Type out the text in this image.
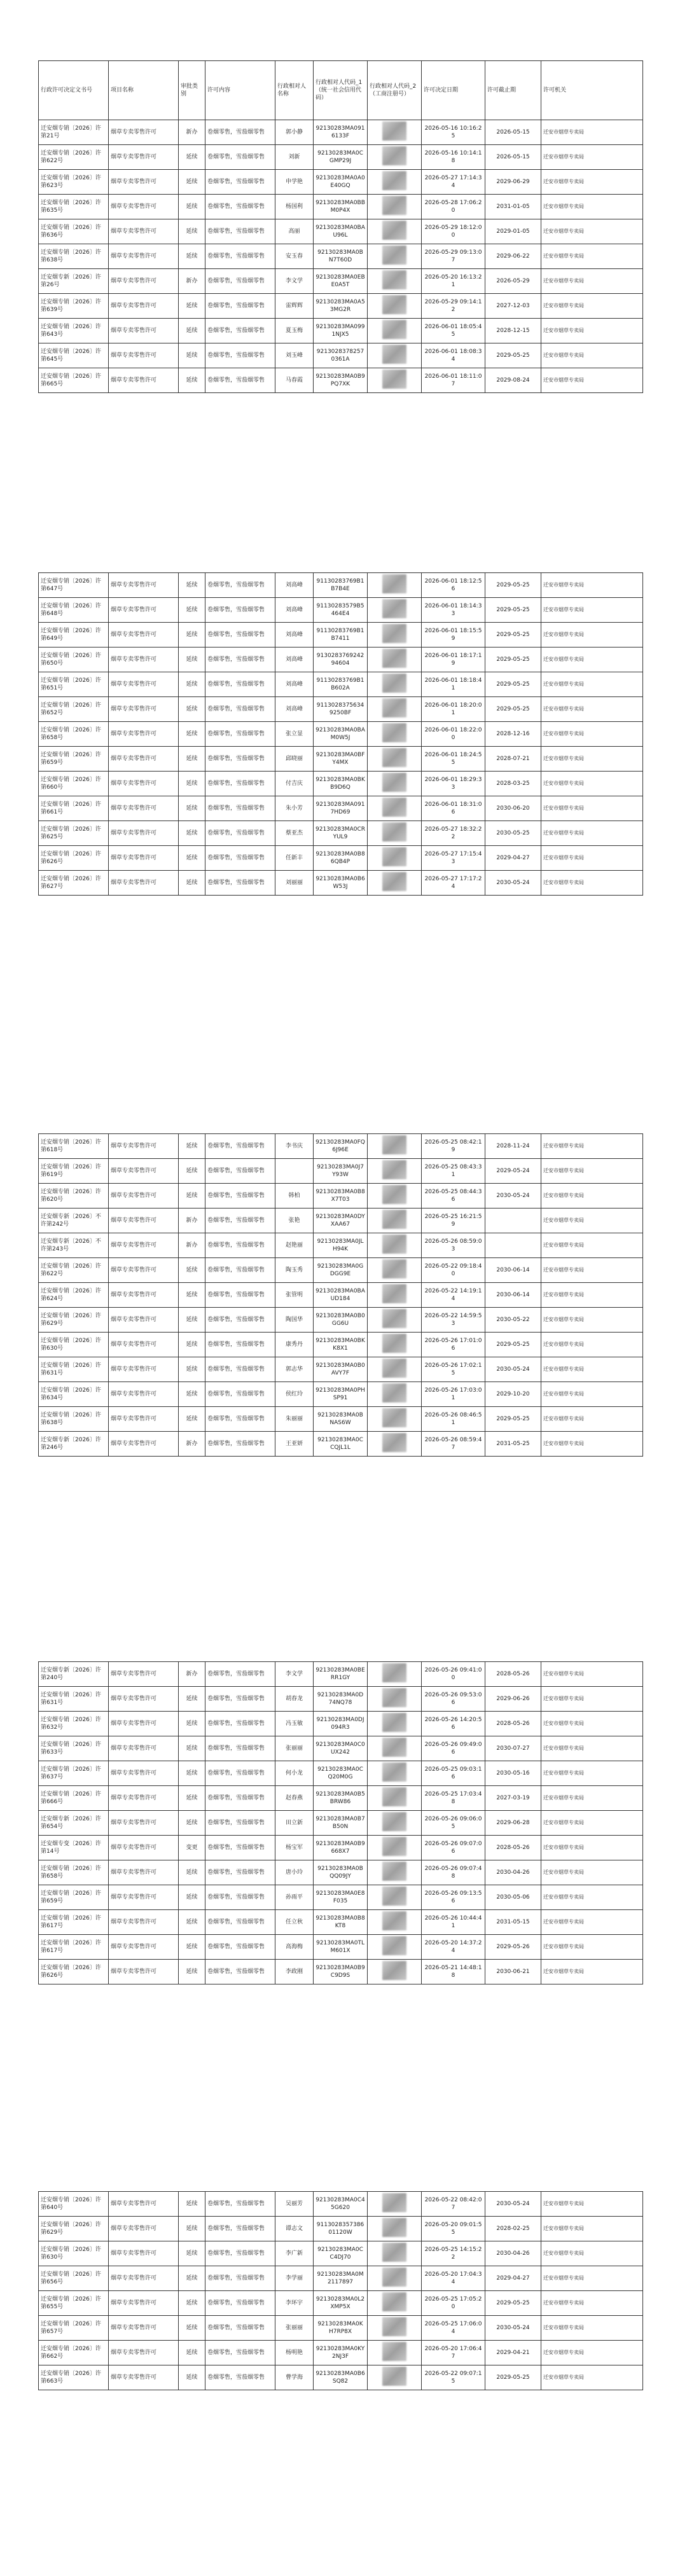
行政许可决定文书号	项目名称	审批类别	许可内容	行政相对人名称	行政相对人代码_1（统一社会信用代码）	行政相对人代码_2（工商注册号）	许可决定日期	许可截止期	许可机关
迁安烟专销〔2026〕许第21号	烟草专卖零售许可	新办	卷烟零售，雪茄烟零售	郭小静	92130283MA0916133F		2026-05-16 10:16:25	2026-05-15	迁安市烟草专卖局
迁安烟专销〔2026〕许第622号	烟草专卖零售许可	延续	卷烟零售，雪茄烟零售	刘新	92130283MA0CGMP29J		2026-05-16 10:14:18	2026-05-15	迁安市烟草专卖局
迁安烟专销〔2026〕许第623号	烟草专卖零售许可	延续	卷烟零售，雪茄烟零售	申学艳	92130283MA0A0E40GQ		2026-05-27 17:14:34	2029-06-29	迁安市烟草专卖局
迁安烟专销〔2026〕许第635号	烟草专卖零售许可	延续	卷烟零售，雪茄烟零售	杨国利	92130283MA0BBM0P4X		2026-05-28 17:06:20	2031-01-05	迁安市烟草专卖局
迁安烟专销〔2026〕许第636号	烟草专卖零售许可	延续	卷烟零售，雪茄烟零售	高丽	92130283MA0BAU96L		2026-05-29 18:12:00	2029-01-05	迁安市烟草专卖局
迁安烟专销〔2026〕许第638号	烟草专卖零售许可	延续	卷烟零售，雪茄烟零售	安玉春	92130283MA0BN7T60D		2026-05-29 09:13:07	2029-06-22	迁安市烟草专卖局
迁安烟专新〔2026〕许第26号	烟草专卖零售许可	新办	卷烟零售，雪茄烟零售	李文学	92130283MA0EBE0A5T		2026-05-20 16:13:21	2026-05-29	迁安市烟草专卖局
迁安烟专销〔2026〕许第639号	烟草专卖零售许可	延续	卷烟零售，雪茄烟零售	雷辉辉	92130283MA0A53MG2R		2026-05-29 09:14:12	2027-12-03	迁安市烟草专卖局
迁安烟专销〔2026〕许第643号	烟草专卖零售许可	延续	卷烟零售，雪茄烟零售	夏玉梅	92130283MA0991NJX5		2026-06-01 18:05:45	2028-12-15	迁安市烟草专卖局
迁安烟专销〔2026〕许第645号	烟草专卖零售许可	延续	卷烟零售，雪茄烟零售	刘玉峰	92130283782570361A		2026-06-01 18:08:34	2029-05-25	迁安市烟草专卖局
迁安烟专销〔2026〕许第665号	烟草专卖零售许可	延续	卷烟零售，雪茄烟零售	马春霞	92130283MA0B9PQ7XK		2026-06-01 18:11:07	2029-08-24	迁安市烟草专卖局
迁安烟专销〔2026〕许第647号	烟草专卖零售许可	延续	卷烟零售，雪茄烟零售	刘高峰	91130283769B1B7B4E		2026-06-01 18:12:56	2029-05-25	迁安市烟草专卖局
迁安烟专销〔2026〕许第648号	烟草专卖零售许可	延续	卷烟零售，雪茄烟零售	刘高峰	91130283579B5464E4		2026-06-01 18:14:33	2029-05-25	迁安市烟草专卖局
迁安烟专销〔2026〕许第649号	烟草专卖零售许可	延续	卷烟零售，雪茄烟零售	刘高峰	91130283769B1B7411		2026-06-01 18:15:59	2029-05-25	迁安市烟草专卖局
迁安烟专销〔2026〕许第650号	烟草专卖零售许可	延续	卷烟零售，雪茄烟零售	刘高峰	913028376924294604		2026-06-01 18:17:19	2029-05-25	迁安市烟草专卖局
迁安烟专销〔2026〕许第651号	烟草专卖零售许可	延续	卷烟零售，雪茄烟零售	刘高峰	91130283769B1B602A		2026-06-01 18:18:41	2029-05-25	迁安市烟草专卖局
迁安烟专销〔2026〕许第652号	烟草专卖零售许可	延续	卷烟零售，雪茄烟零售	刘高峰	91130283756349250BF		2026-06-01 18:20:01	2029-05-25	迁安市烟草专卖局
迁安烟专销〔2026〕许第658号	烟草专卖零售许可	延续	卷烟零售，雪茄烟零售	张立显	92130283MA0BAM0W5J		2026-06-01 18:22:00	2028-12-16	迁安市烟草专卖局
迁安烟专销〔2026〕许第659号	烟草专卖零售许可	延续	卷烟零售，雪茄烟零售	邱晓丽	92130283MA0BFY4MX		2026-06-01 18:24:55	2028-07-21	迁安市烟草专卖局
迁安烟专销〔2026〕许第660号	烟草专卖零售许可	延续	卷烟零售，雪茄烟零售	付吉庆	92130283MA0BKB9D6Q		2026-06-01 18:29:33	2028-03-25	迁安市烟草专卖局
迁安烟专销〔2026〕许第661号	烟草专卖零售许可	延续	卷烟零售，雪茄烟零售	朱小芳	92130283MA0917HD69		2026-06-01 18:31:06	2030-06-20	迁安市烟草专卖局
迁安烟专销〔2026〕许第625号	烟草专卖零售许可	延续	卷烟零售，雪茄烟零售	蔡亚杰	92130283MA0CRYUL9		2026-05-27 18:32:22	2030-05-25	迁安市烟草专卖局
迁安烟专销〔2026〕许第626号	烟草专卖零售许可	延续	卷烟零售，雪茄烟零售	任新丰	92130283MA0B86QB4P		2026-05-27 17:15:43	2029-04-27	迁安市烟草专卖局
迁安烟专销〔2026〕许第627号	烟草专卖零售许可	延续	卷烟零售，雪茄烟零售	刘丽丽	92130283MA0B6W53J		2026-05-27 17:17:24	2030-05-24	迁安市烟草专卖局
迁安烟专销〔2026〕许第618号	烟草专卖零售许可	延续	卷烟零售，雪茄烟零售	李书庆	92130283MA0FQ6J96E		2026-05-25 08:42:19	2028-11-24	迁安市烟草专卖局
迁安烟专销〔2026〕许第619号	烟草专卖零售许可	延续	卷烟零售，雪茄烟零售		92130283MA0J7Y93W		2026-05-25 08:43:31	2029-05-24	迁安市烟草专卖局
迁安烟专销〔2026〕许第620号	烟草专卖零售许可	延续	卷烟零售，雪茄烟零售	韩柏	92130283MA0B8X7T03		2026-05-25 08:44:36	2030-05-24	迁安市烟草专卖局
迁安烟专新〔2026〕不许第242号	烟草专卖零售许可	新办	卷烟零售，雪茄烟零售	张艳	92130283MA0DYXAA67		2026-05-25 16:21:59		迁安市烟草专卖局
迁安烟专新〔2026〕不许第243号	烟草专卖零售许可	新办	卷烟零售，雪茄烟零售	赵艳丽	92130283MA0JLH94K		2026-05-26 08:59:03		迁安市烟草专卖局
迁安烟专销〔2026〕许第622号	烟草专卖零售许可	延续	卷烟零售，雪茄烟零售	陶玉秀	92130283MA0GDGG9E		2026-05-22 09:18:40	2030-06-14	迁安市烟草专卖局
迁安烟专销〔2026〕许第624号	烟草专卖零售许可	延续	卷烟零售，雪茄烟零售	张管明	92130283MA0BAUD184		2026-05-22 14:19:14	2030-06-14	迁安市烟草专卖局
迁安烟专销〔2026〕许第629号	烟草专卖零售许可	延续	卷烟零售，雪茄烟零售	陶国华	92130283MA0B0GG6U		2026-05-22 14:59:53	2030-05-22	迁安市烟草专卖局
迁安烟专销〔2026〕许第630号	烟草专卖零售许可	延续	卷烟零售，雪茄烟零售	康秀丹	92130283MA0BKK8X1		2026-05-26 17:01:06	2029-05-25	迁安市烟草专卖局
迁安烟专销〔2026〕许第631号	烟草专卖零售许可	延续	卷烟零售，雪茄烟零售	郭志华	92130283MA0B0AVY7F		2026-05-26 17:02:15	2030-05-24	迁安市烟草专卖局
迁安烟专销〔2026〕许第634号	烟草专卖零售许可	延续	卷烟零售，雪茄烟零售	侯红玲	92130283MA0PHSP91		2026-05-26 17:03:01	2029-10-20	迁安市烟草专卖局
迁安烟专销〔2026〕许第638号	烟草专卖零售许可	延续	卷烟零售，雪茄烟零售	朱丽丽	92130283MA0BNAS6W		2026-05-26 08:46:51	2029-05-25	迁安市烟草专卖局
迁安烟专新〔2026〕许第246号	烟草专卖零售许可	新办	卷烟零售，雪茄烟零售	王亚妍	92130283MA0CCQJL1L		2026-05-26 08:59:47	2031-05-25	迁安市烟草专卖局
迁安烟专新〔2026〕许第240号	烟草专卖零售许可	新办	卷烟零售，雪茄烟零售	李文学	92130283MA0BERR1GY		2026-05-26 09:41:00	2028-05-26	迁安市烟草专卖局
迁安烟专销〔2026〕许第631号	烟草专卖零售许可	延续	卷烟零售，雪茄烟零售	胡春龙	92130283MA0D74NQ78		2026-05-26 09:53:06	2029-06-26	迁安市烟草专卖局
迁安烟专销〔2026〕许第632号	烟草专卖零售许可	延续	卷烟零售，雪茄烟零售	冯玉敏	92130283MA0DJ094R3		2026-05-26 14:20:56	2028-05-26	迁安市烟草专卖局
迁安烟专销〔2026〕许第633号	烟草专卖零售许可	延续	卷烟零售，雪茄烟零售	张丽丽	92130283MA0C0UX242		2026-05-26 09:49:06	2030-07-27	迁安市烟草专卖局
迁安烟专销〔2026〕许第637号	烟草专卖零售许可	延续	卷烟零售，雪茄烟零售	何小龙	92130283MA0CQ20M0G		2026-05-25 09:03:16	2030-05-16	迁安市烟草专卖局
迁安烟专销〔2026〕许第666号	烟草专卖零售许可	延续	卷烟零售，雪茄烟零售	赵春燕	92130283MA0B5BRW86		2026-05-25 17:03:48	2027-03-19	迁安市烟草专卖局
迁安烟专新〔2026〕许第654号	烟草专卖零售许可	延续	卷烟零售，雪茄烟零售	田立新	92130283MA0B7B50N		2026-05-26 09:06:05	2029-06-28	迁安市烟草专卖局
迁安烟专变〔2026〕许第14号	烟草专卖零售许可	变更	卷烟零售，雪茄烟零售	杨宝军	92130283MA0B9668X7		2026-05-26 09:07:06	2028-05-26	迁安市烟草专卖局
迁安烟专销〔2026〕许第658号	烟草专卖零售许可	延续	卷烟零售，雪茄烟零售	唐小玲	92130283MA0BQQ09JY		2026-05-26 09:07:48	2030-04-26	迁安市烟草专卖局
迁安烟专销〔2026〕许第659号	烟草专卖零售许可	延续	卷烟零售，雪茄烟零售	孙雨平	92130283MA0E8F035		2026-05-26 09:13:56	2030-05-06	迁安市烟草专卖局
迁安烟专销〔2026〕许第617号	烟草专卖零售许可	延续	卷烟零售，雪茄烟零售	任立秋	92130283MA0B8KT8		2026-05-26 10:44:41	2031-05-15	迁安市烟草专卖局
迁安烟专销〔2026〕许第617号	烟草专卖零售许可	延续	卷烟零售，雪茄烟零售	高海梅	92130283MA0TLM601X		2026-05-20 14:37:24	2029-05-26	迁安市烟草专卖局
迁安烟专销〔2026〕许第626号	烟草专卖零售许可	延续	卷烟零售，雪茄烟零售	李政刚	92130283MA0B9C9D9S		2026-05-21 14:48:18	2030-06-21	迁安市烟草专卖局
迁安烟专销〔2026〕许第640号	烟草专卖零售许可	延续	卷烟零售，雪茄烟零售	吴丽芳	92130283MA0C45G620		2026-05-22 08:42:07	2030-05-24	迁安市烟草专卖局
迁安烟专销〔2026〕许第629号	烟草专卖零售许可	延续	卷烟零售，雪茄烟零售	谭志文	911302835738601120W		2026-05-20 09:01:55	2028-02-25	迁安市烟草专卖局
迁安烟专销〔2026〕许第630号	烟草专卖零售许可	延续	卷烟零售，雪茄烟零售	李广新	92130283MA0CC4DJ70		2026-05-25 14:15:22	2030-04-26	迁安市烟草专卖局
迁安烟专销〔2026〕许第656号	烟草专卖零售许可	延续	卷烟零售，雪茄烟零售	李学丽	92130283MA0M2117897		2026-05-20 17:04:34	2029-04-27	迁安市烟草专卖局
迁安烟专销〔2026〕许第655号	烟草专卖零售许可	延续	卷烟零售，雪茄烟零售	李环宇	92130283MA0L2XMP5X		2026-05-25 17:05:20	2029-05-25	迁安市烟草专卖局
迁安烟专销〔2026〕许第657号	烟草专卖零售许可	延续	卷烟零售，雪茄烟零售	张丽丽	92130283MA0KH7RP8X		2026-05-25 17:06:04	2030-05-24	迁安市烟草专卖局
迁安烟专销〔2026〕许第662号	烟草专卖零售许可	延续	卷烟零售，雪茄烟零售	杨明艳	92130283MA0KY2NJ3F		2026-05-20 17:06:47	2029-04-21	迁安市烟草专卖局
迁安烟专销〔2026〕许第663号	烟草专卖零售许可	延续	卷烟零售，雪茄烟零售	曹学海	92130283MA0B6SQ82		2026-05-22 09:07:15	2029-05-25	迁安市烟草专卖局
